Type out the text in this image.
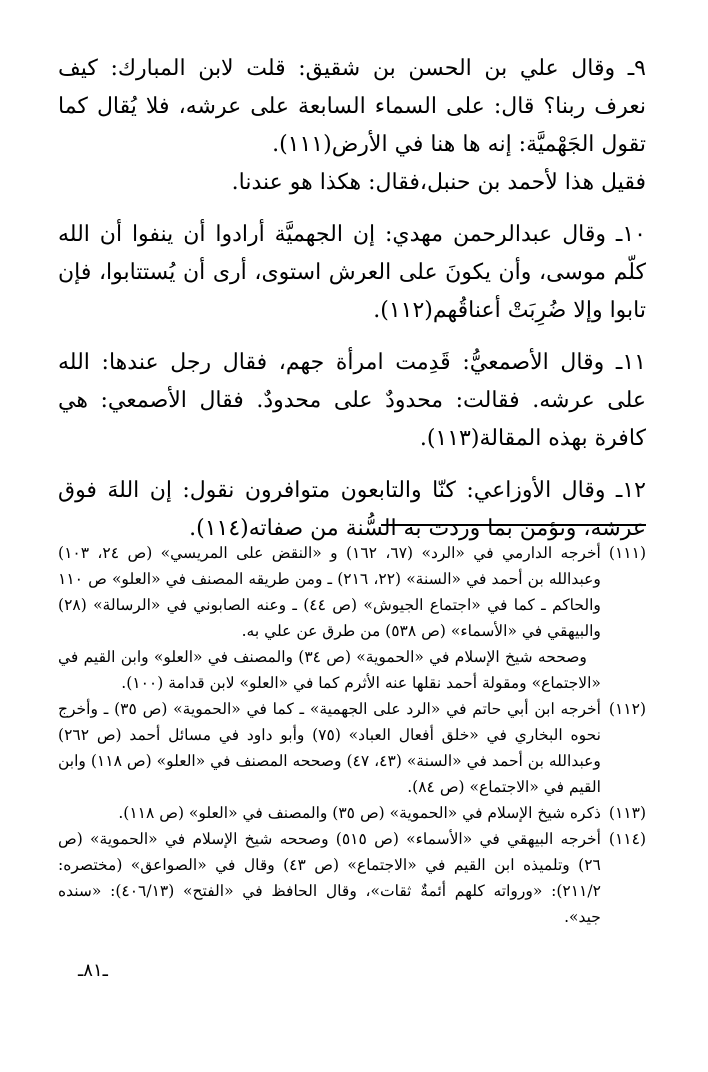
٩ـ وقال علي بن الحسن بن شقيق: قلت لابن المبارك: كيف نعرف ربنا؟ قال: على السماء السابعة على عرشه، فلا يُقال كما تقول الجَهْميَّة: إنه ها هنا في الأرض(١١١).

فقيل هذا لأحمد بن حنبل،فقال: هكذا هو عندنا.

١٠ـ وقال عبدالرحمن مهدي: إن الجهميَّة أرادوا أن ينفوا أن الله كلّم موسى، وأن يكونَ على العرش استوى، أرى أن يُستتابوا، فإن تابوا وإلا ضُرِبَتْ أعناقُهم(١١٢).

١١ـ وقال الأصمعيُّ: قَدِمت امرأة جهم، فقال رجل عندها: الله على عرشه. فقالت: محدودٌ على محدودٌ. فقال الأصمعي: هي كافرة بهذه المقالة(١١٣).

١٢ـ وقال الأوزاعي: كنّا والتابعون متوافرون نقول: إن اللهَ فوق عرشه، ونؤمن بما وردت به السُّنة من صفاته(١١٤).

(١١١)

أخرجه الدارمي في «الرد» (٦٧، ١٦٢) و «النقض على المريسي» (ص ٢٤، ١٠٣) وعبدالله بن أحمد في «السنة» (٢٢، ٢١٦) ـ ومن طريقه المصنف في «العلو» ص ١١٠ والحاكم ـ كما في «اجتماع الجيوش» (ص ٤٤) ـ وعنه الصابوني في «الرسالة» (٢٨) والبيهقي في «الأسماء» (ص ٥٣٨) من طرق عن علي به.

وصححه شيخ الإسلام في «الحموية» (ص ٣٤) والمصنف في «العلو» وابن القيم في «الاجتماع» ومقولة أحمد نقلها عنه الأثرم كما في «العلو» لابن قدامة (١٠٠).

(١١٢)

أخرجه ابن أبي حاتم في «الرد على الجهمية» ـ كما في «الحموية» (ص ٣٥) ـ وأخرج نحوه البخاري في «خلق أفعال العباد» (٧٥) وأبو داود في مسائل أحمد (ص ٢٦٢) وعبدالله بن أحمد في «السنة» (٤٣، ٤٧) وصححه المصنف في «العلو» (ص ١١٨) وابن القيم في «الاجتماع» (ص ٨٤).

(١١٣)

ذكره شيخ الإسلام في «الحموية» (ص ٣٥) والمصنف في «العلو» (ص ١١٨).

(١١٤)

أخرجه البيهقي في «الأسماء» (ص ٥١٥) وصححه شيخ الإسلام في «الحموية» (ص ٢٦) وتلميذه ابن القيم في «الاجتماع» (ص ٤٣) وقال في «الصواعق» (مختصره: ٢١١/٢): «ورواته كلهم أئمةٌ ثقات»، وقال الحافظ في «الفتح» (٤٠٦/١٣): «سنده جيد».

ـ٨١ـ
